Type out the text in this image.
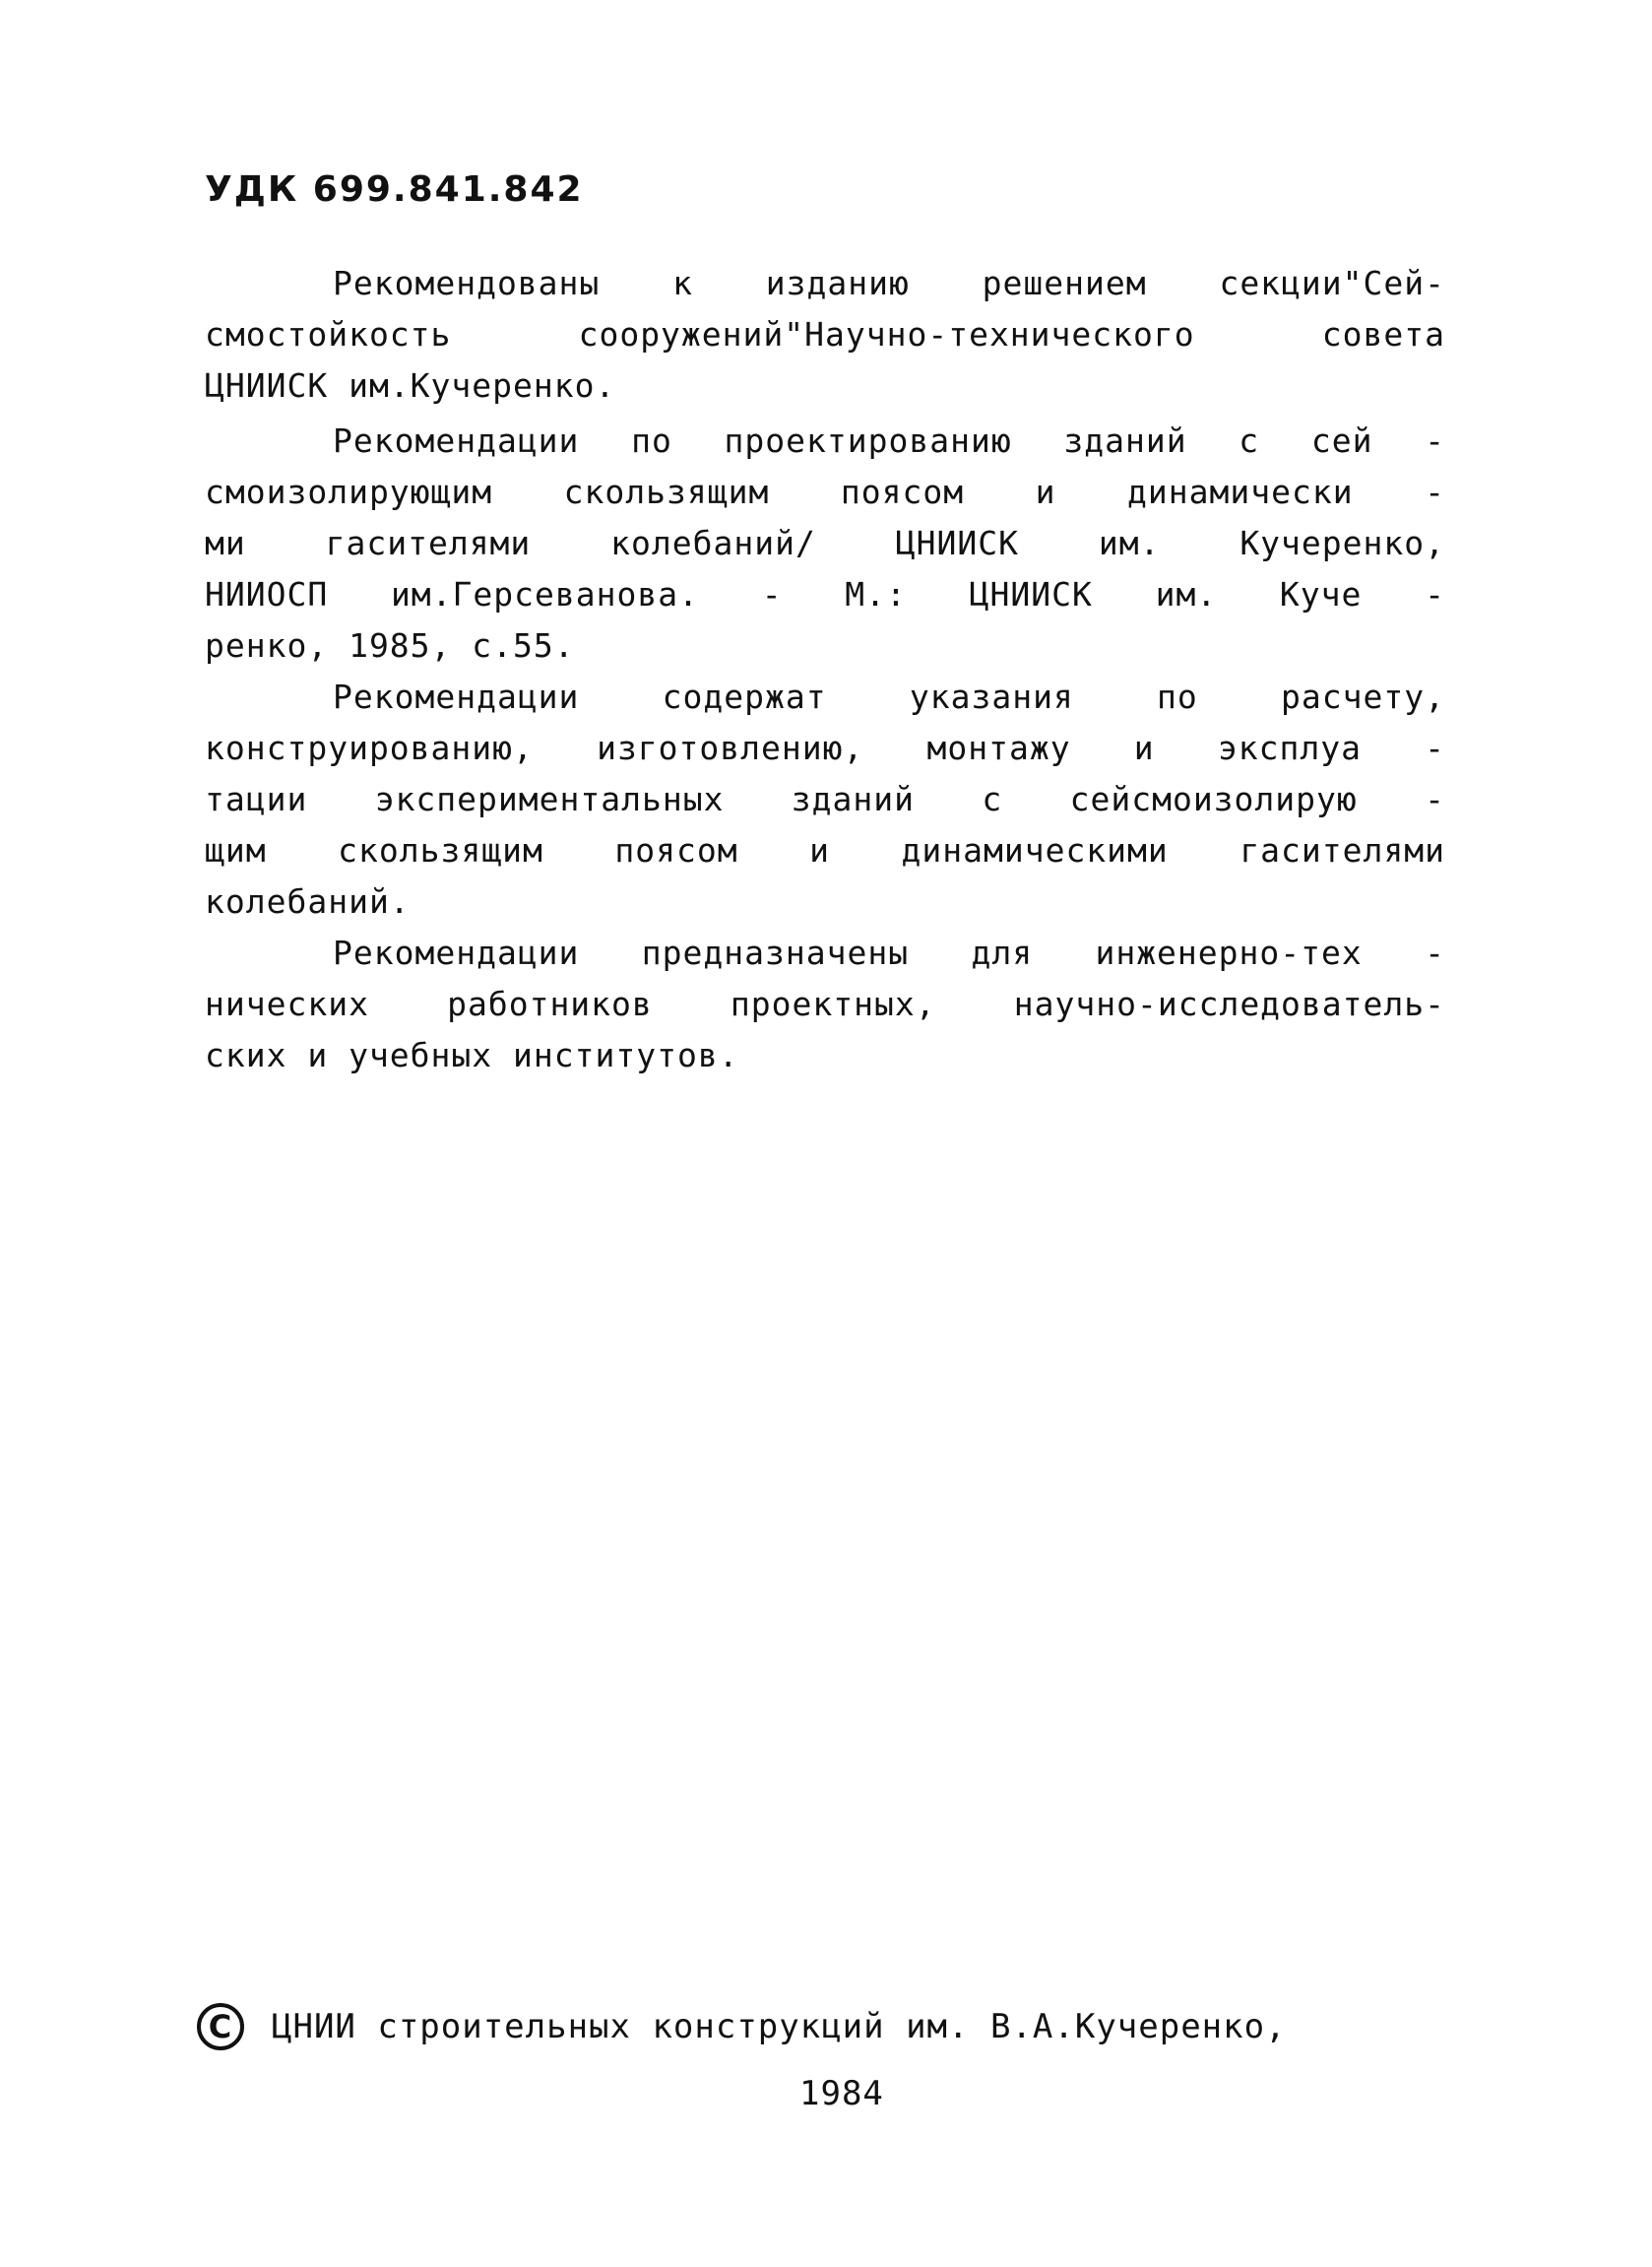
УДК 699.841.842
Рекомендованы к изданию решением секции"Сей-
смостойкость сооружений"Научно-технического совета
ЦНИИСК им.Кучеренко.
Рекомендации по проектированию зданий с сей -
смоизолирующим скользящим поясом и динамически -
ми гасителями колебаний/ ЦНИИСК им. Кучеренко,
НИИОСП им.Герсеванова. - М.: ЦНИИСК им. Куче -
ренко, 1985, с.55.
Рекомендации содержат указания по расчету,
конструированию, изготовлению, монтажу и эксплуа -
тации экспериментальных зданий с сейсмоизолирую -
щим скользящим поясом и динамическими гасителями
колебаний.
Рекомендации предназначены для инженерно-тех -
нических работников проектных, научно-исследователь-
ских и учебных институтов.
C	ЦНИИ строительных конструкций им. В.А.Кучеренко,
1984
